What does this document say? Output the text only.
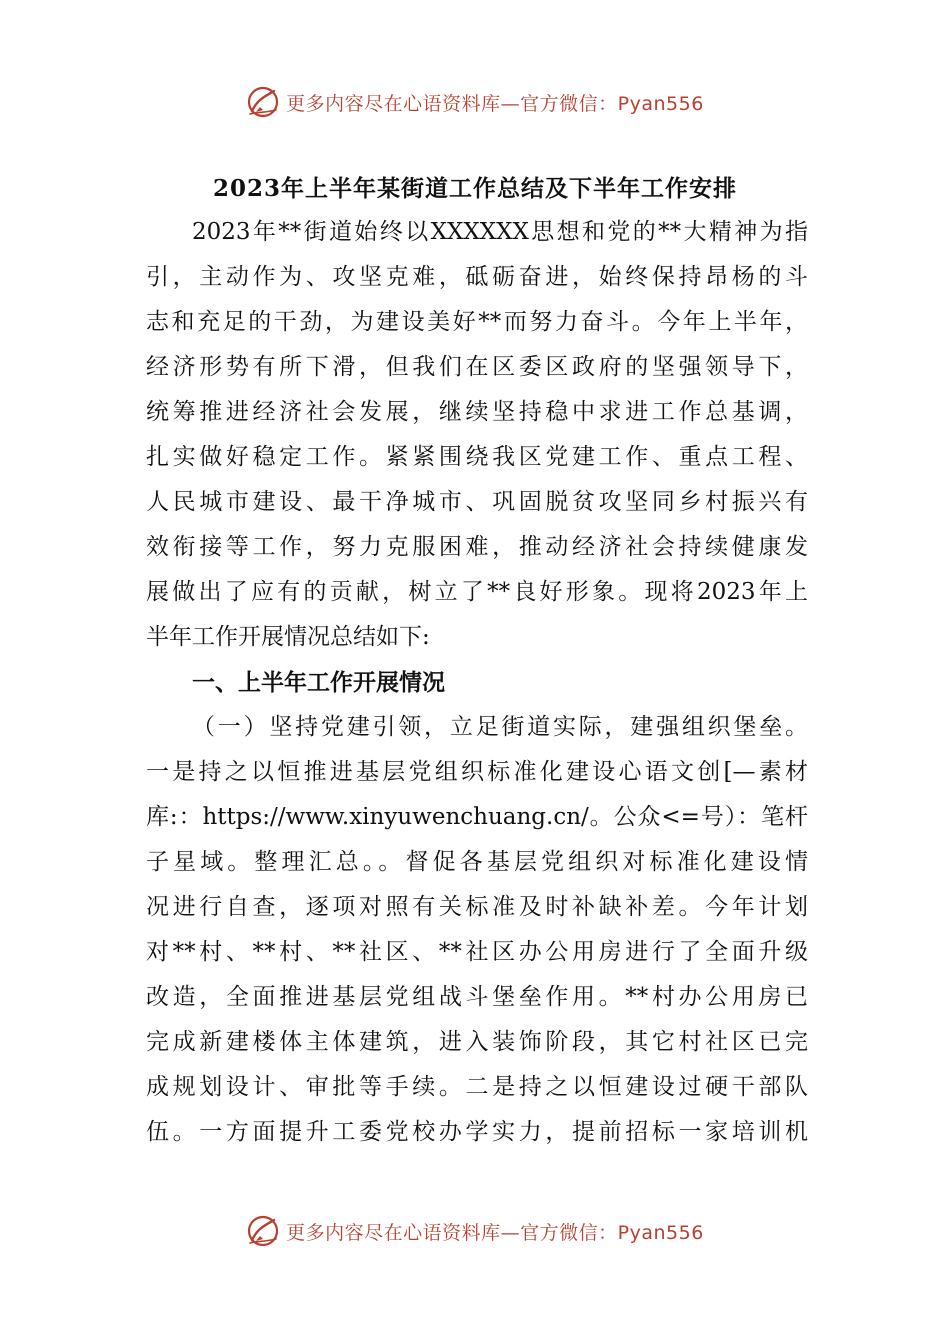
更多内容尽在心语资料库—官方微信：Pyan556
2023年上半年某街道工作总结及下半年工作安排
2023年**街道始终以XXXXXX思想和党的**大精神为指
引，主动作为、攻坚克难，砥砺奋进，始终保持昂杨的斗
志和充足的干劲，为建设美好**而努力奋斗。今年上半年，
经济形势有所下滑，但我们在区委区政府的坚强领导下，
统筹推进经济社会发展，继续坚持稳中求进工作总基调，
扎实做好稳定工作。紧紧围绕我区党建工作、重点工程、
人民城市建设、最干净城市、巩固脱贫攻坚同乡村振兴有
效衔接等工作，努力克服困难，推动经济社会持续健康发
展做出了应有的贡献，树立了**良好形象。现将2023年上
半年工作开展情况总结如下:
一、上半年工作开展情况
（一）坚持党建引领，立足街道实际，建强组织堡垒。
一是持之以恒推进基层党组织标准化建设心语文创[—素材
库:：https://www.xinyuwenchuang.cn/。公众<=号）：笔杆
子星域。整理汇总。。督促各基层党组织对标准化建设情
况进行自查，逐项对照有关标准及时补缺补差。今年计划
对**村、**村、**社区、**社区办公用房进行了全面升级
改造，全面推进基层党组战斗堡垒作用。**村办公用房已
完成新建楼体主体建筑，进入装饰阶段，其它村社区已完
成规划设计、审批等手续。二是持之以恒建设过硬干部队
伍。一方面提升工委党校办学实力，提前招标一家培训机
更多内容尽在心语资料库—官方微信：Pyan556
